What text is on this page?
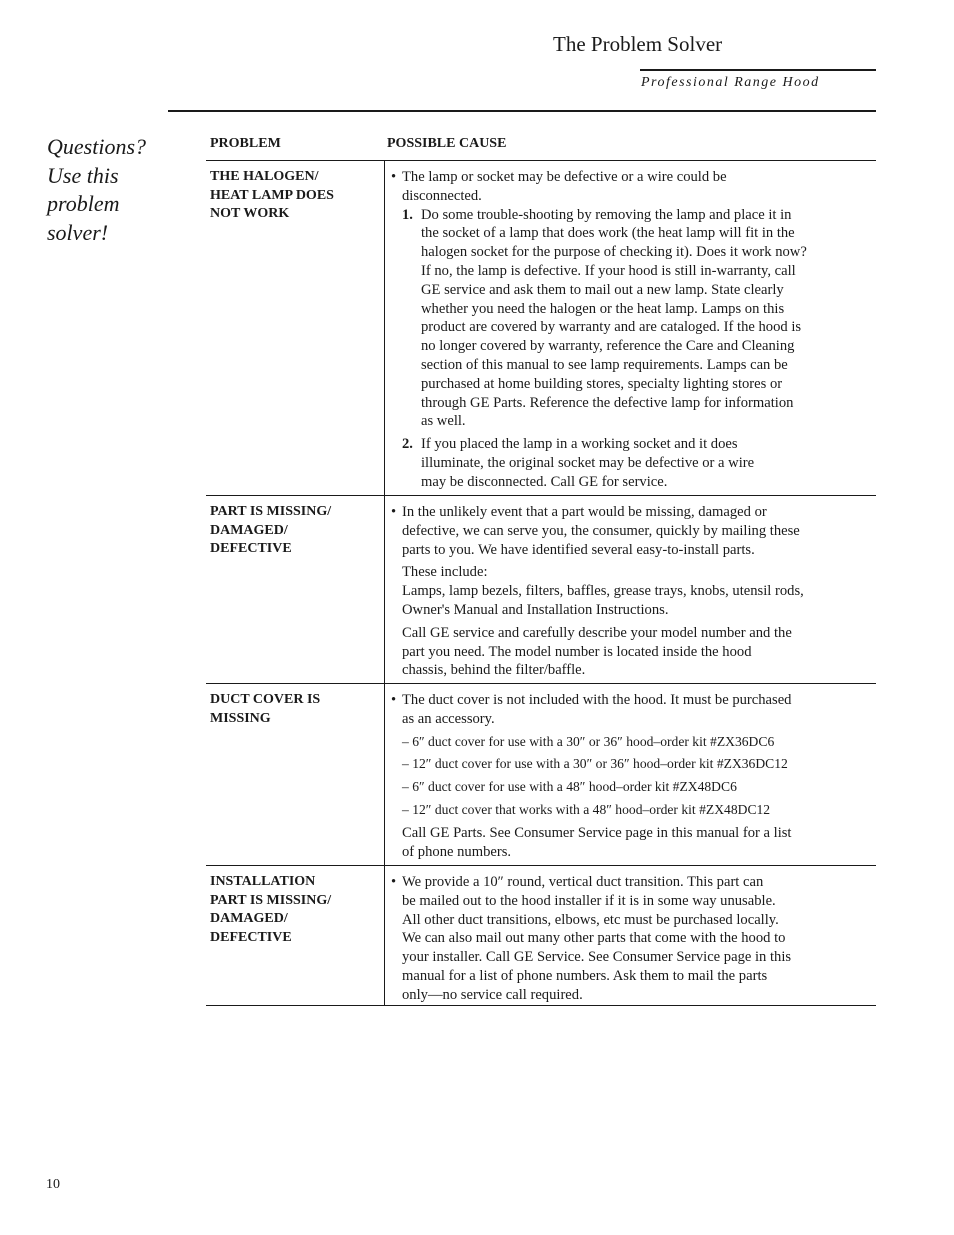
The Problem Solver
Professional Range Hood
Questions?
Use this
problem
solver!
PROBLEM	POSSIBLE CAUSE
THE HALOGEN/
HEAT LAMP DOES
NOT WORK
• The lamp or socket may be defective or a wire could be
disconnected.
1. Do some trouble-shooting by removing the lamp and place it in
the socket of a lamp that does work (the heat lamp will fit in the
halogen socket for the purpose of checking it). Does it work now?
If no, the lamp is defective. If your hood is still in-warranty, call
GE service and ask them to mail out a new lamp. State clearly
whether you need the halogen or the heat lamp. Lamps on this
product are covered by warranty and are cataloged. If the hood is
no longer covered by warranty, reference the Care and Cleaning
section of this manual to see lamp requirements. Lamps can be
purchased at home building stores, specialty lighting stores or
through GE Parts. Reference the defective lamp for information
as well.
2. If you placed the lamp in a working socket and it does
illuminate, the original socket may be defective or a wire
may be disconnected. Call GE for service.
PART IS MISSING/
DAMAGED/
DEFECTIVE
• In the unlikely event that a part would be missing, damaged or
defective, we can serve you, the consumer, quickly by mailing these
parts to you. We have identified several easy-to-install parts.
These include:
Lamps, lamp bezels, filters, baffles, grease trays, knobs, utensil rods,
Owner's Manual and Installation Instructions.
Call GE service and carefully describe your model number and the
part you need. The model number is located inside the hood
chassis, behind the filter/baffle.
DUCT COVER IS
MISSING
• The duct cover is not included with the hood. It must be purchased
as an accessory.
– 6″ duct cover for use with a 30″ or 36″ hood–order kit #ZX36DC6
– 12″ duct cover for use with a 30″ or 36″ hood–order kit #ZX36DC12
– 6″ duct cover for use with a 48″ hood–order kit #ZX48DC6
– 12″ duct cover that works with a 48″ hood–order kit #ZX48DC12
Call GE Parts. See Consumer Service page in this manual for a list
of phone numbers.
INSTALLATION
PART IS MISSING/
DAMAGED/
DEFECTIVE
• We provide a 10″ round, vertical duct transition. This part can
be mailed out to the hood installer if it is in some way unusable.
All other duct transitions, elbows, etc must be purchased locally.
We can also mail out many other parts that come with the hood to
your installer. Call GE Service. See Consumer Service page in this
manual for a list of phone numbers. Ask them to mail the parts
only—no service call required.
10
